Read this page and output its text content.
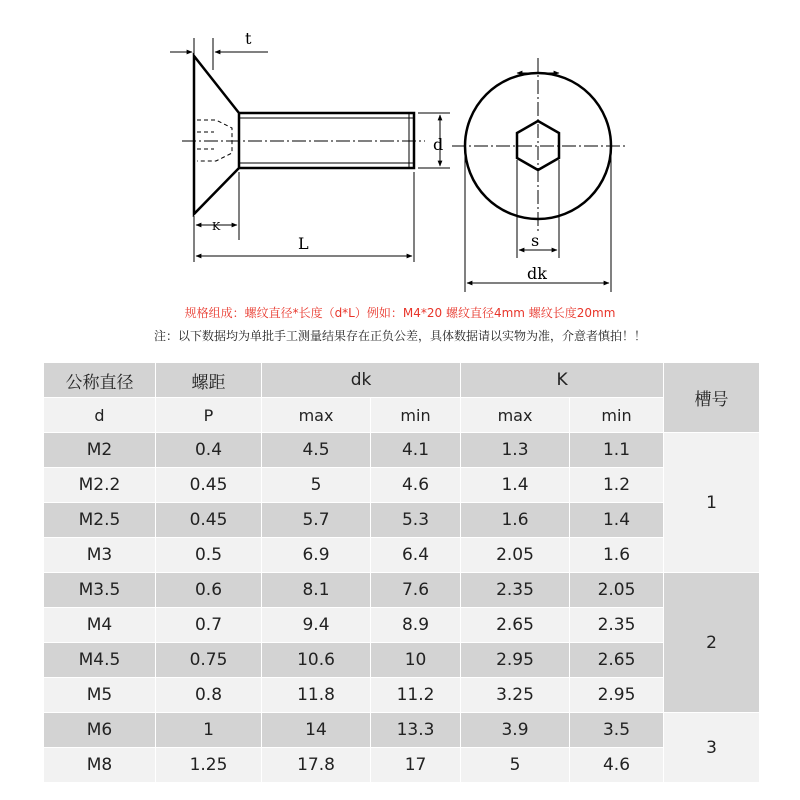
t
d
K
L	s
dk
规格组成：螺纹直径*长度（d*L）例如：M4*20 螺纹直径4mm 螺纹长度20mm
注：以下数据均为单批手工测量结果存在正负公差，具体数据请以实物为准，介意者慎拍！！
公称直径	螺距	dk		K		槽号
d	P	max	min	max	min	
M2	0.4	4.5	4.1	1.3	1.1	1
M2.2	0.45	5	4.6	1.4	1.2	
M2.5	0.45	5.7	5.3	1.6	1.4	
M3	0.5	6.9	6.4	2.05	1.6	
M3.5	0.6	8.1	7.6	2.35	2.05	2
M4	0.7	9.4	8.9	2.65	2.35	
M4.5	0.75	10.6	10	2.95	2.65	
M5	0.8	11.8	11.2	3.25	2.95	
M6	1	14	13.3	3.9	3.5	3
M8	1.25	17.8	17	5	4.6	
